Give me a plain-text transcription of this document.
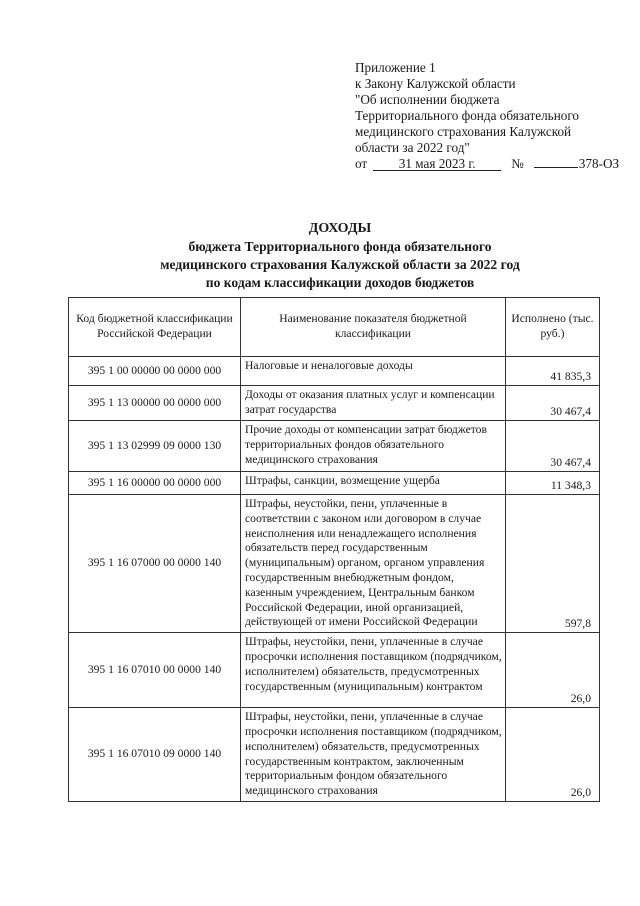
Приложение 1
к Закону Калужской области
"Об исполнении бюджета
Территориального фонда обязательного
медицинского страхования Калужской
области за 2022 год"
от	31 мая 2023 г.	№	378-ОЗ
ДОХОДЫ
бюджета Территориального фонда обязательного
медицинского страхования Калужской области за 2022 год
по кодам классификации доходов бюджетов
Код бюджетной классификации Российской Федерации	Наименование показателя бюджетной классификации	Исполнено (тыс. руб.)
395 1 00 00000 00 0000 000	Налоговые и неналоговые доходы	41 835,3
395 1 13 00000 00 0000 000	Доходы от оказания платных услуг и компенсации затрат государства	30 467,4
395 1 13 02999 09 0000 130	Прочие доходы от компенсации затрат бюджетов территориальных фондов обязательного медицинского страхования	30 467,4
395 1 16 00000 00 0000 000	Штрафы, санкции, возмещение ущерба	11 348,3
395 1 16 07000 00 0000 140	Штрафы, неустойки, пени, уплаченные в соответствии с законом или договором в случае неисполнения или ненадлежащего исполнения обязательств перед государственным (муниципальным) органом, органом управления государственным внебюджетным фондом, казенным учреждением, Центральным банком Российской Федерации, иной организацией, действующей от имени Российской Федерации	597,8
395 1 16 07010 00 0000 140	Штрафы, неустойки, пени, уплаченные в случае просрочки исполнения поставщиком (подрядчиком, исполнителем) обязательств, предусмотренных государственным (муниципальным) контрактом	26,0
395 1 16 07010 09 0000 140	Штрафы, неустойки, пени, уплаченные в случае просрочки исполнения поставщиком (подрядчиком, исполнителем) обязательств, предусмотренных государственным контрактом, заключенным территориальным фондом обязательного медицинского страхования	26,0
